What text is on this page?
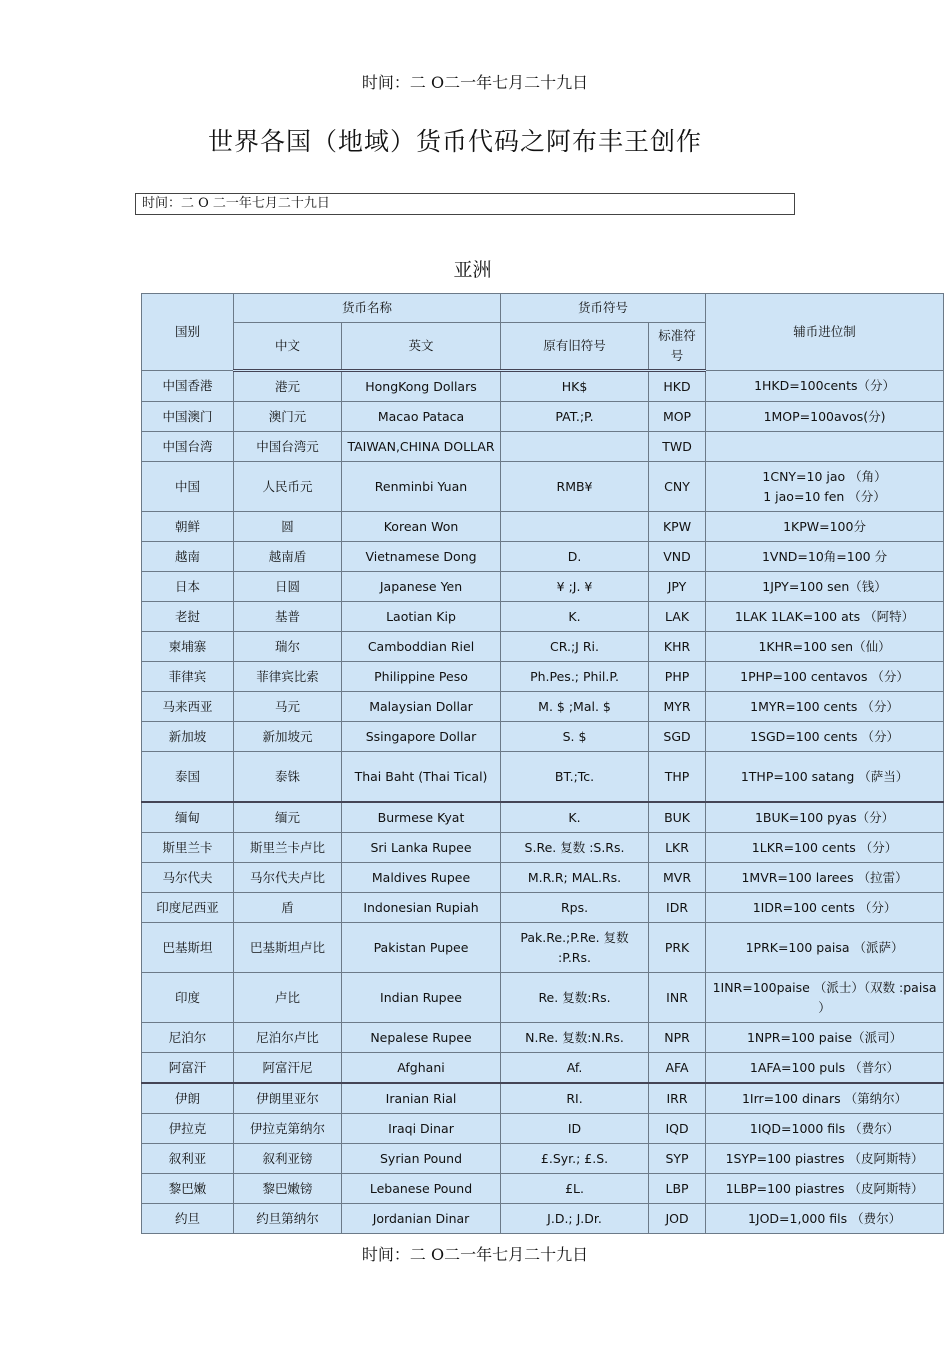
时间：二 O二一年七月二十九日
世界各国（地域）货币代码之阿布丰王创作
时间：二 O 二一年七月二十九日
亚洲
国别	货币名称		货币符号		辅币进位制
	中文	英文	原有旧符号	标准符号	
中国香港	港元	HongKong Dollars	HK$	HKD	1HKD=100cents（分）
中国澳门	澳门元	Macao Pataca	PAT.;P.	MOP	1MOP=100avos(分)
中国台湾	中国台湾元	TAIWAN,CHINA DOLLAR		TWD	
中国	人民币元	Renminbi Yuan	RMB¥	CNY	1CNY=10 jao （角）
1 jao=10 fen （分）
朝鲜	圆	Korean Won		KPW	1KPW=100分
越南	越南盾	Vietnamese Dong	D.	VND	1VND=10角=100 分
日本	日圆	Japanese Yen	¥ ;J. ¥	JPY	1JPY=100 sen（钱）
老挝	基普	Laotian Kip	K.	LAK	1LAK 1LAK=100 ats （阿特）
柬埔寨	瑞尔	Camboddian Riel	CR.;J Ri.	KHR	1KHR=100 sen（仙）
菲律宾	菲律宾比索	Philippine Peso	Ph.Pes.; Phil.P.	PHP	1PHP=100 centavos （分）
马来西亚	马元	Malaysian Dollar	M. $ ;Mal. $	MYR	1MYR=100 cents （分）
新加坡	新加坡元	Ssingapore Dollar	S. $	SGD	1SGD=100 cents （分）
泰国	泰铢	Thai Baht (Thai Tical)	BT.;Tc.	THP	1THP=100 satang （萨当）
缅甸	缅元	Burmese Kyat	K.	BUK	1BUK=100 pyas（分）
斯里兰卡	斯里兰卡卢比	Sri Lanka Rupee	S.Re. 复数 :S.Rs.	LKR	1LKR=100 cents （分）
马尔代夫	马尔代夫卢比	Maldives Rupee	M.R.R; MAL.Rs.	MVR	1MVR=100 larees （拉雷）
印度尼西亚	盾	Indonesian Rupiah	Rps.	IDR	1IDR=100 cents （分）
巴基斯坦	巴基斯坦卢比	Pakistan Pupee	Pak.Re.;P.Re. 复数 :P.Rs.	PRK	1PRK=100 paisa （派萨）
印度	卢比	Indian Rupee	Re. 复数:Rs.	INR	1INR=100paise （派士）（双数 :paisa ）
尼泊尔	尼泊尔卢比	Nepalese Rupee	N.Re. 复数:N.Rs.	NPR	1NPR=100 paise（派司）
阿富汗	阿富汗尼	Afghani	Af.	AFA	1AFA=100 puls （普尔）
伊朗	伊朗里亚尔	Iranian Rial	RI.	IRR	1Irr=100 dinars （第纳尔）
伊拉克	伊拉克第纳尔	Iraqi Dinar	ID	IQD	1IQD=1000 fils （费尔）
叙利亚	叙利亚镑	Syrian Pound	£.Syr.; £.S.	SYP	1SYP=100 piastres （皮阿斯特）
黎巴嫩	黎巴嫩镑	Lebanese Pound	£L.	LBP	1LBP=100 piastres （皮阿斯特）
约旦	约旦第纳尔	Jordanian Dinar	J.D.; J.Dr.	JOD	1JOD=1,000 fils （费尔）
时间：二 O二一年七月二十九日
